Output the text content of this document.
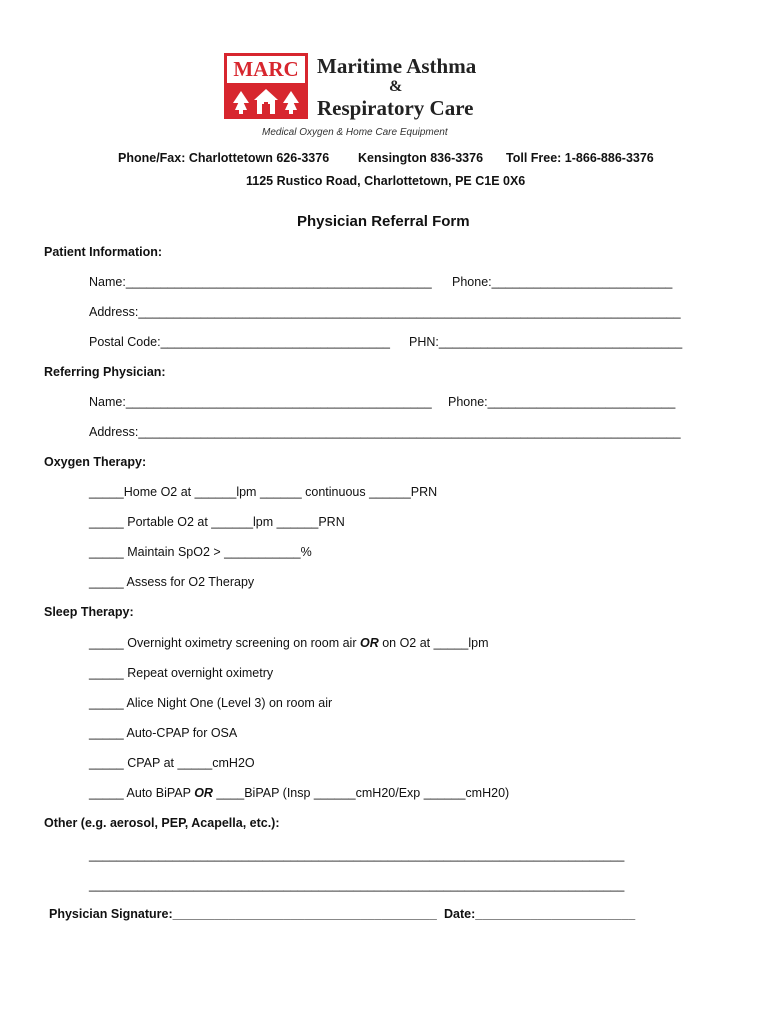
MARC Maritime Asthma
&
Respiratory Care
Medical Oxygen & Home Care Equipment
Phone/Fax: Charlottetown 626-3376 Kensington 836-3376 Toll Free: 1-866-886-3376
1125 Rustico Road, Charlottetown, PE C1E 0X6
Physician Referral Form
Patient Information:
Name:____________________________________________ Phone:__________________________
Address:______________________________________________________________________________
Postal Code:_________________________________ PHN:___________________________________
Referring Physician:
Name:____________________________________________ Phone:___________________________
Address:______________________________________________________________________________
Oxygen Therapy:
_____Home O2 at ______lpm ______ continuous ______PRN
_____ Portable O2 at ______lpm ______PRN
_____ Maintain SpO2 > ___________%
_____ Assess for O2 Therapy
Sleep Therapy:
_____ Overnight oximetry screening on room air OR on O2 at _____lpm
_____ Repeat overnight oximetry
_____ Alice Night One (Level 3) on room air
_____ Auto-CPAP for OSA
_____ CPAP at _____cmH2O
_____ Auto BiPAP OR ____BiPAP (Insp ______cmH20/Exp ______cmH20)
Other (e.g. aerosol, PEP, Acapella, etc.):
_____________________________________________________________________________
_____________________________________________________________________________
Physician Signature:______________________________________ Date:_______________________
